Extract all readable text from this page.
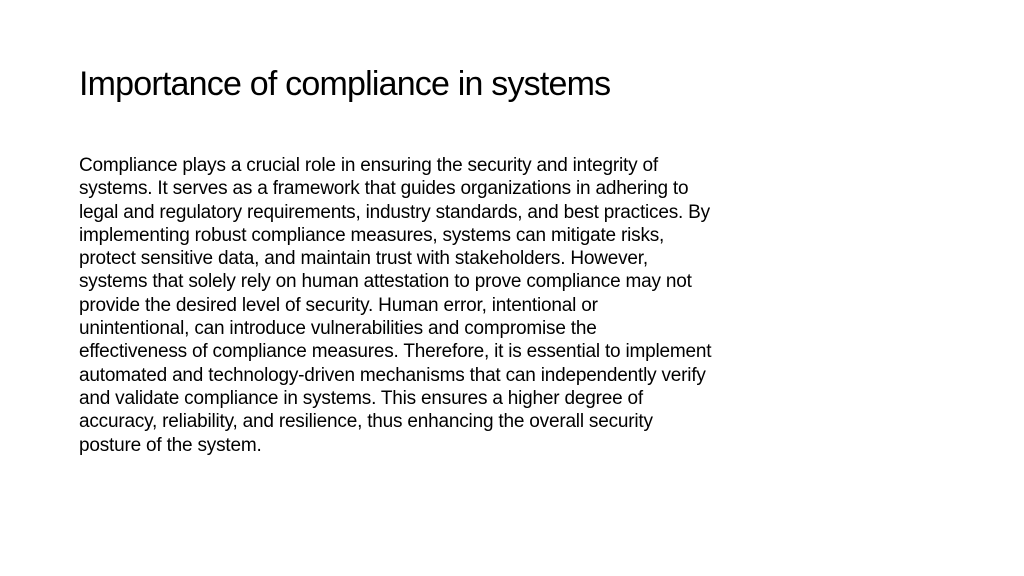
Importance of compliance in systems
Compliance plays a crucial role in ensuring the security and integrity of
systems. It serves as a framework that guides organizations in adhering to
legal and regulatory requirements, industry standards, and best practices. By
implementing robust compliance measures, systems can mitigate risks,
protect sensitive data, and maintain trust with stakeholders. However,
systems that solely rely on human attestation to prove compliance may not
provide the desired level of security. Human error, intentional or
unintentional, can introduce vulnerabilities and compromise the
effectiveness of compliance measures. Therefore, it is essential to implement
automated and technology-driven mechanisms that can independently verify
and validate compliance in systems. This ensures a higher degree of
accuracy, reliability, and resilience, thus enhancing the overall security
posture of the system.
